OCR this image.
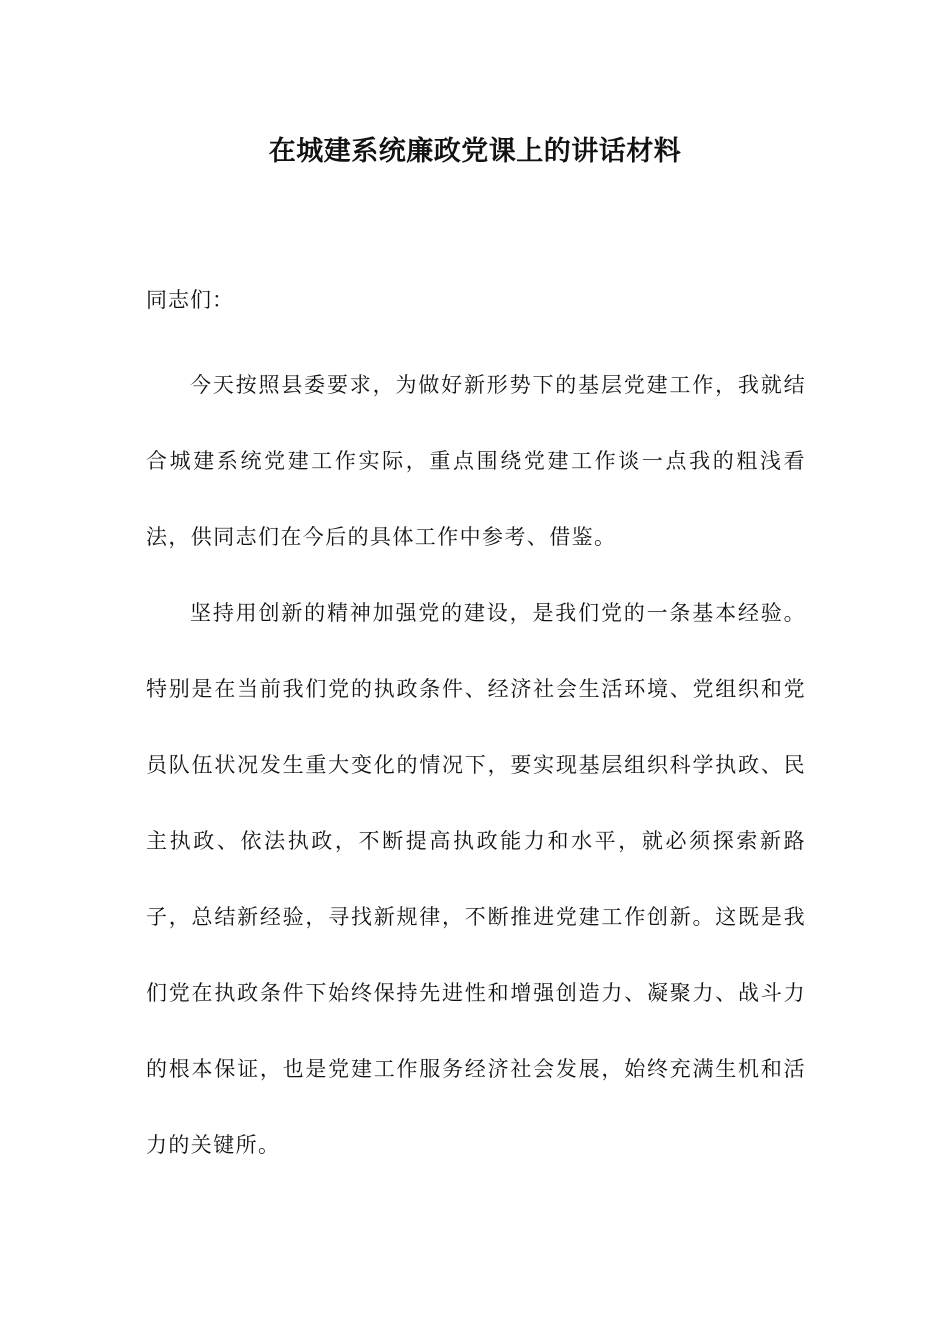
在城建系统廉政党课上的讲话材料

同志们：

今天按照县委要求，为做好新形势下的基层党建工作，我就结合城建系统党建工作实际，重点围绕党建工作谈一点我的粗浅看法，供同志们在今后的具体工作中参考、借鉴。

坚持用创新的精神加强党的建设，是我们党的一条基本经验。特别是在当前我们党的执政条件、经济社会生活环境、党组织和党员队伍状况发生重大变化的情况下，要实现基层组织科学执政、民主执政、依法执政，不断提高执政能力和水平，就必须探索新路子，总结新经验，寻找新规律，不断推进党建工作创新。这既是我们党在执政条件下始终保持先进性和增强创造力、凝聚力、战斗力的根本保证，也是党建工作服务经济社会发展，始终充满生机和活力的关键所。
